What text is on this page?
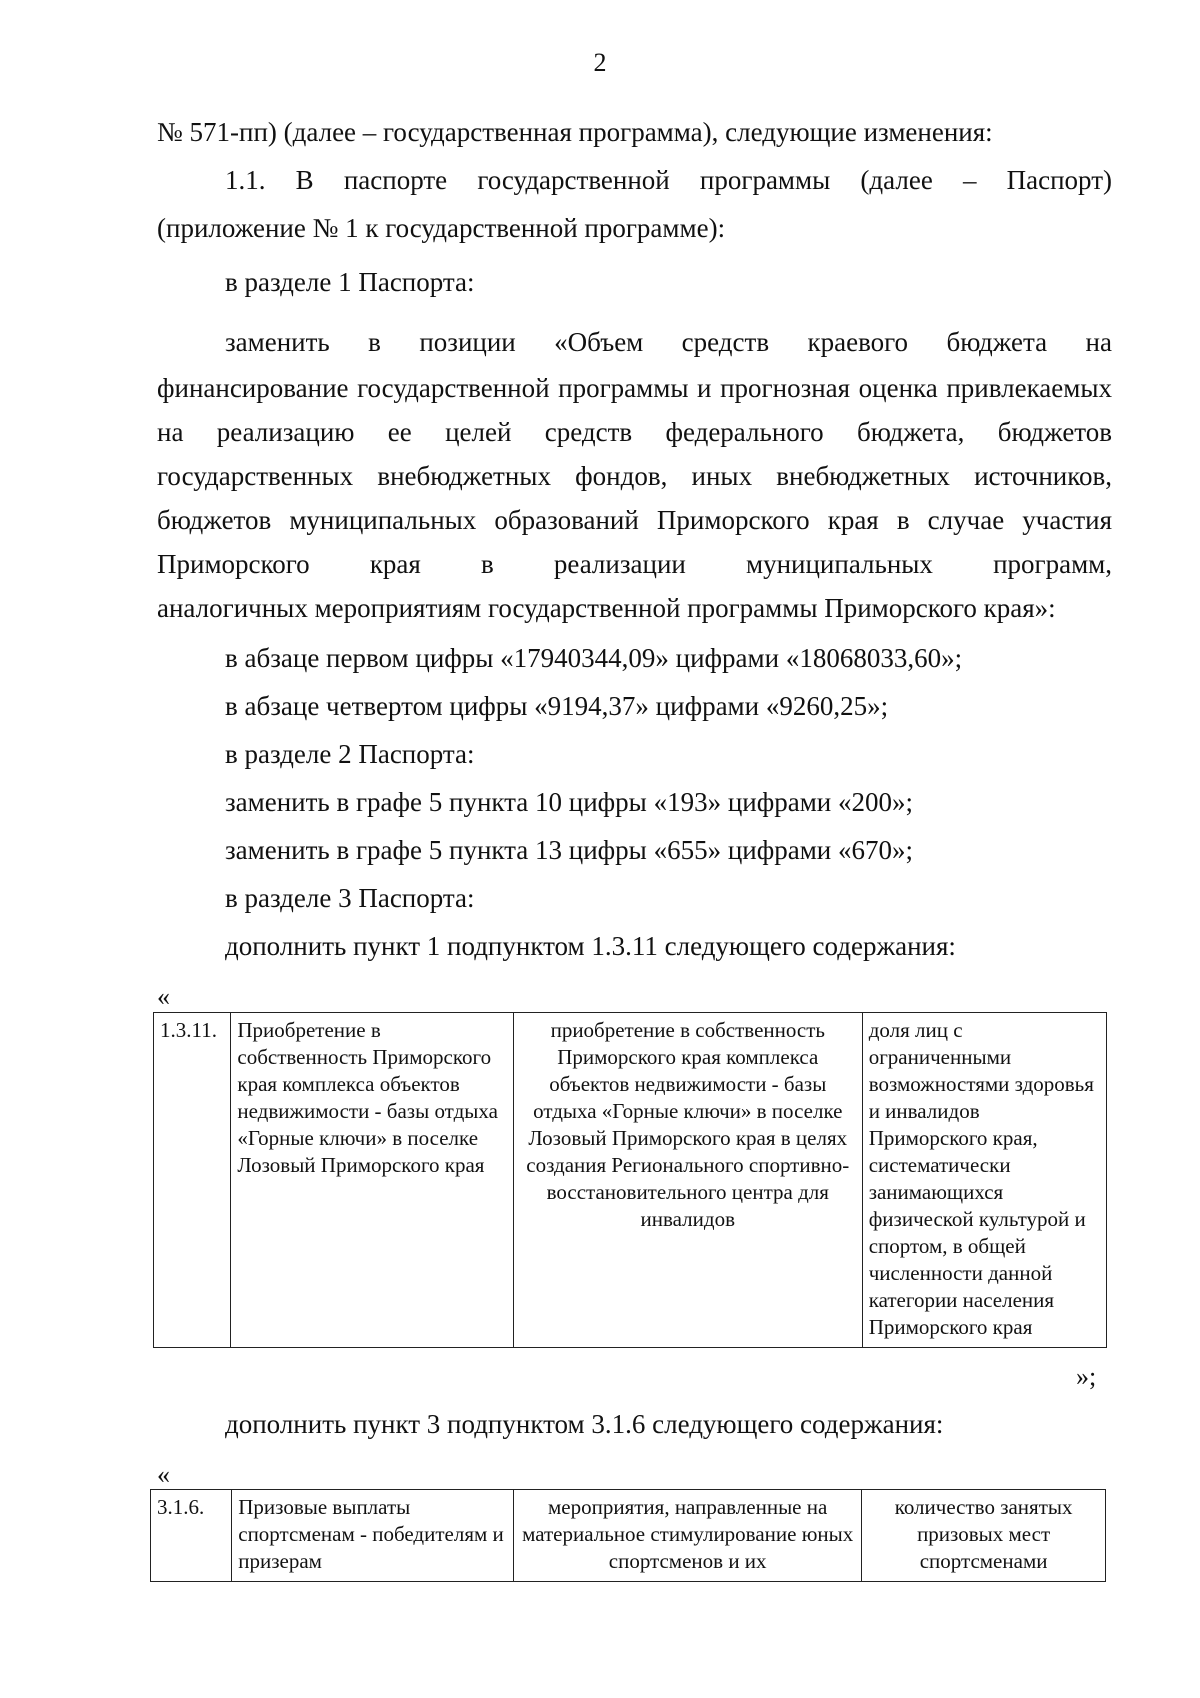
2

№ 571-пп) (далее – государственная программа), следующие изменения:

1.1. В паспорте государственной программы (далее – Паспорт)

(приложение № 1 к государственной программе):

в разделе 1 Паспорта:

заменить в позиции «Объем средств краевого бюджета на

финансирование государственной программы и прогнозная оценка привлекаемых на реализацию ее целей средств федерального бюджета, бюджетов государственных внебюджетных фондов, иных внебюджетных источников, бюджетов муниципальных образований Приморского края в случае участия Приморского края в реализации муниципальных программ,

аналогичных мероприятиям государственной программы Приморского края»:

в абзаце первом цифры «17940344,09» цифрами «18068033,60»;

в абзаце четвертом цифры «9194,37» цифрами «9260,25»;

в разделе 2 Паспорта:

заменить в графе 5 пункта 10 цифры «193» цифрами «200»;

заменить в графе 5 пункта 13 цифры «655» цифрами «670»;

в разделе 3 Паспорта:

дополнить пункт 1 подпунктом 1.3.11 следующего содержания:

«
1.3.11.	Приобретение в собственность Приморского края комплекса объектов недвижимости - базы отдыха «Горные ключи» в поселке Лозовый Приморского края	приобретение в собственность Приморского края комплекса объектов недвижимости - базы отдыха «Горные ключи» в поселке Лозовый Приморского края в целях создания Регионального спортивно-восстановительного центра для инвалидов	доля лиц с ограниченными возможностями здоровья и инвалидов Приморского края, систематически занимающихся физической культурой и спортом, в общей численности данной категории населения Приморского края
»;

дополнить пункт 3 подпунктом 3.1.6 следующего содержания:

«
3.1.6.	Призовые выплаты спортсменам - победителям и призерам	мероприятия, направленные на материальное стимулирование юных спортсменов и их	количество занятых призовых мест спортсменами
